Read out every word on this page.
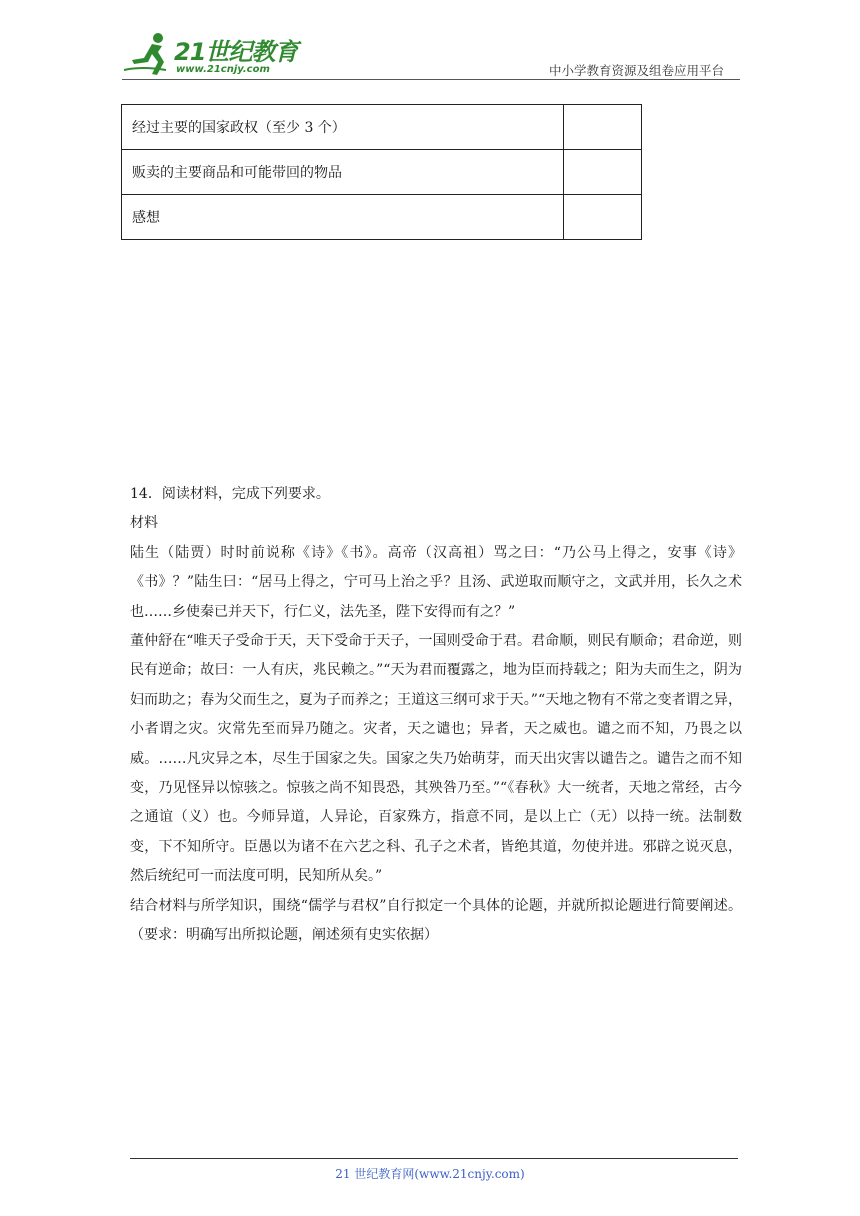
21世纪教育
www.21cnjy.com	中小学教育资源及组卷应用平台
经过主要的国家政权（至少 3 个）	
贩卖的主要商品和可能带回的物品	
感想	

14．阅读材料，完成下列要求。

材料

陆生（陆贾）时时前说称《诗》《书》。高帝（汉高祖）骂之曰：“乃公马上得之，安事《诗》《书》？”陆生曰：“居马上得之，宁可马上治之乎？且汤、武逆取而顺守之，文武并用，长久之术也……乡使秦已并天下，行仁义，法先圣，陛下安得而有之？”

董仲舒在“唯天子受命于天，天下受命于天子，一国则受命于君。君命顺，则民有顺命；君命逆，则民有逆命；故曰：一人有庆，兆民赖之。”“天为君而覆露之，地为臣而持载之；阳为夫而生之，阴为妇而助之；春为父而生之，夏为子而养之；王道这三纲可求于天。”“天地之物有不常之变者谓之异，小者谓之灾。灾常先至而异乃随之。灾者，天之谴也；异者，天之威也。谴之而不知，乃畏之以威。……凡灾异之本，尽生于国家之失。国家之失乃始萌芽，而天出灾害以谴告之。谴告之而不知变，乃见怪异以惊骇之。惊骇之尚不知畏恐，其殃咎乃至。”“《春秋》大一统者，天地之常经，古今之通谊（义）也。今师异道，人异论，百家殊方，指意不同，是以上亡（无）以持一统。法制数变，下不知所守。臣愚以为诸不在六艺之科、孔子之术者，皆绝其道，勿使并进。邪辟之说灭息，然后统纪可一而法度可明，民知所从矣。”

结合材料与所学知识，围绕“儒学与君权”自行拟定一个具体的论题，并就所拟论题进行简要阐述。（要求：明确写出所拟论题，阐述须有史实依据）

21 世纪教育网(www.21cnjy.com)
